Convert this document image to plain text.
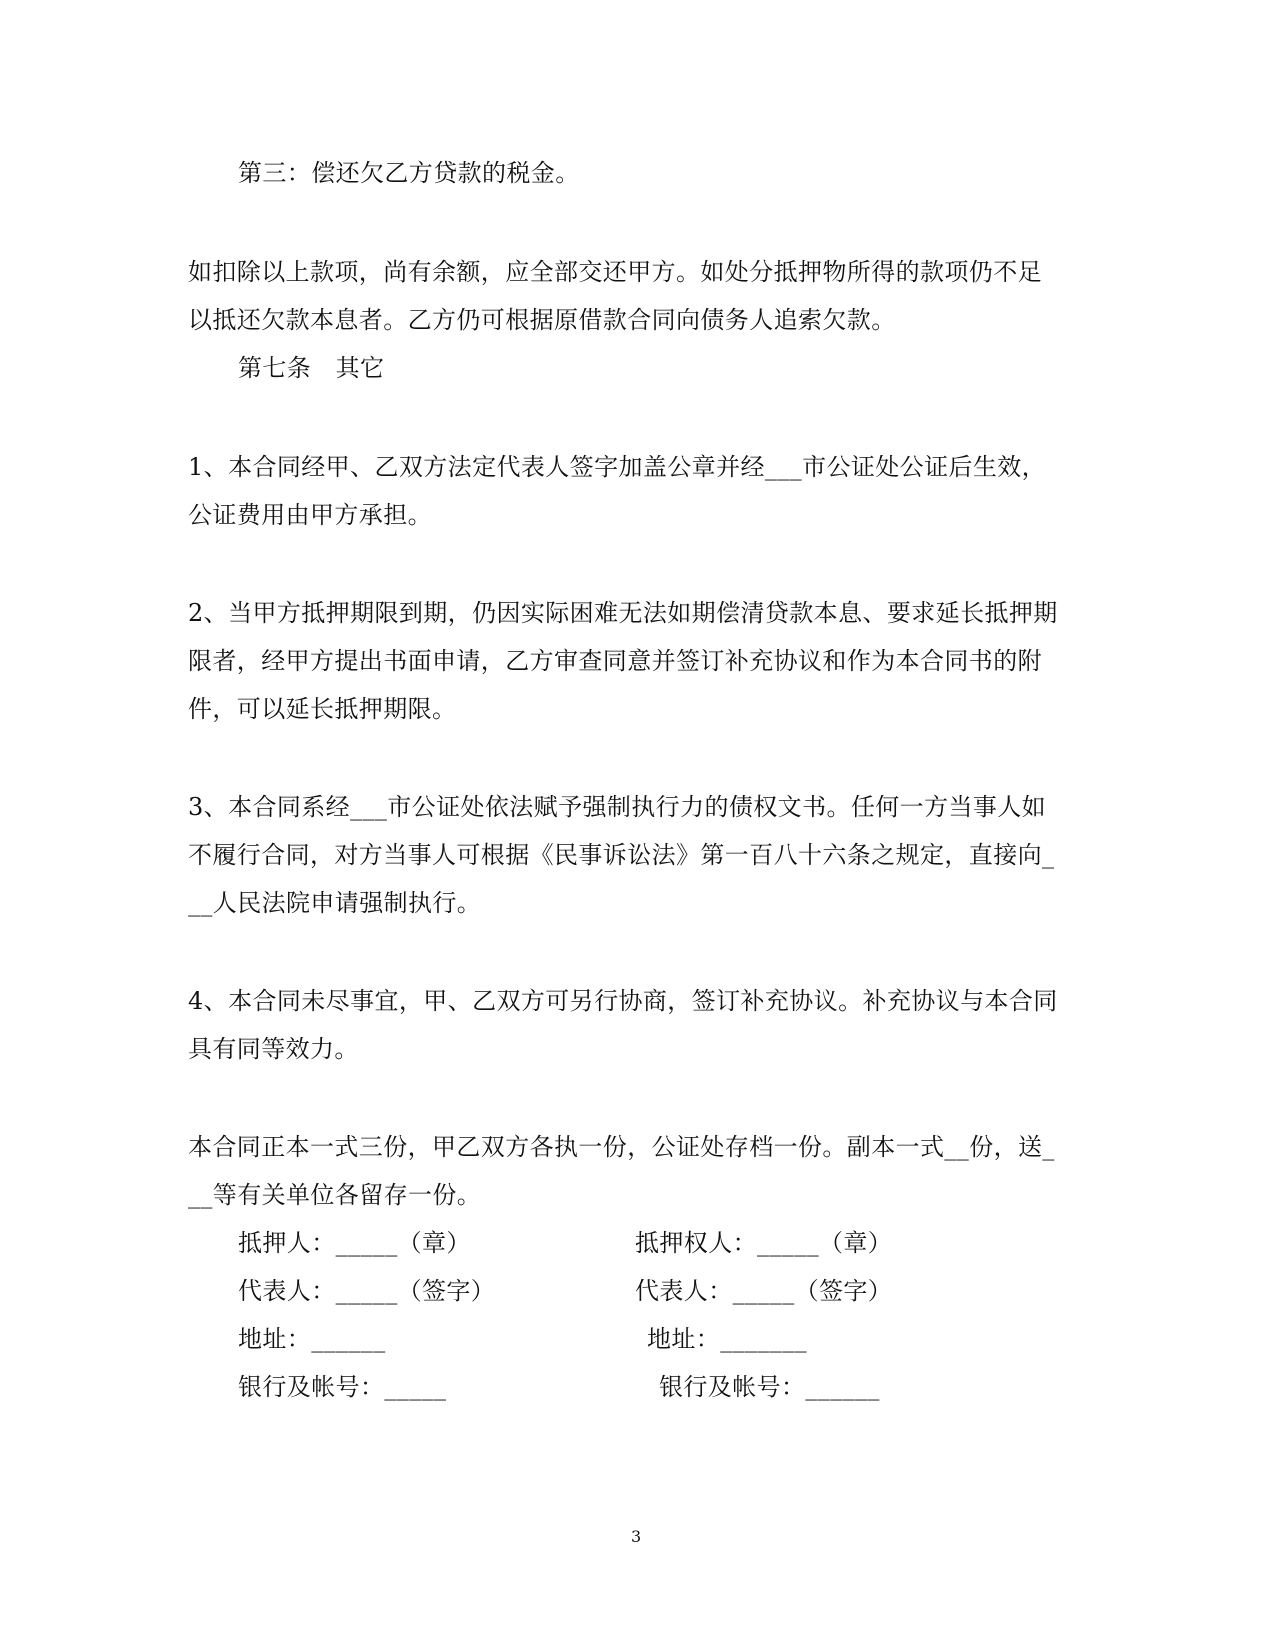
第三：偿还欠乙方贷款的税金。
如扣除以上款项，尚有余额，应全部交还甲方。如处分抵押物所得的款项仍不足
以抵还欠款本息者。乙方仍可根据原借款合同向债务人追索欠款。
第七条　其它
1、本合同经甲、乙双方法定代表人签字加盖公章并经___市公证处公证后生效，
公证费用由甲方承担。
2、当甲方抵押期限到期，仍因实际困难无法如期偿清贷款本息、要求延长抵押期
限者，经甲方提出书面申请，乙方审查同意并签订补充协议和作为本合同书的附
件，可以延长抵押期限。
3、本合同系经___市公证处依法赋予强制执行力的债权文书。任何一方当事人如
不履行合同，对方当事人可根据《民事诉讼法》第一百八十六条之规定，直接向_
__人民法院申请强制执行。
4、本合同未尽事宜，甲、乙双方可另行协商，签订补充协议。补充协议与本合同
具有同等效力。
本合同正本一式三份，甲乙双方各执一份，公证处存档一份。副本一式__份，送_
__等有关单位各留存一份。
抵押人：_____（章）
代表人：_____（签字）
地址：______
银行及帐号：_____
抵押权人：_____（章）
代表人：_____（签字）
地址：_______
银行及帐号：______
3
